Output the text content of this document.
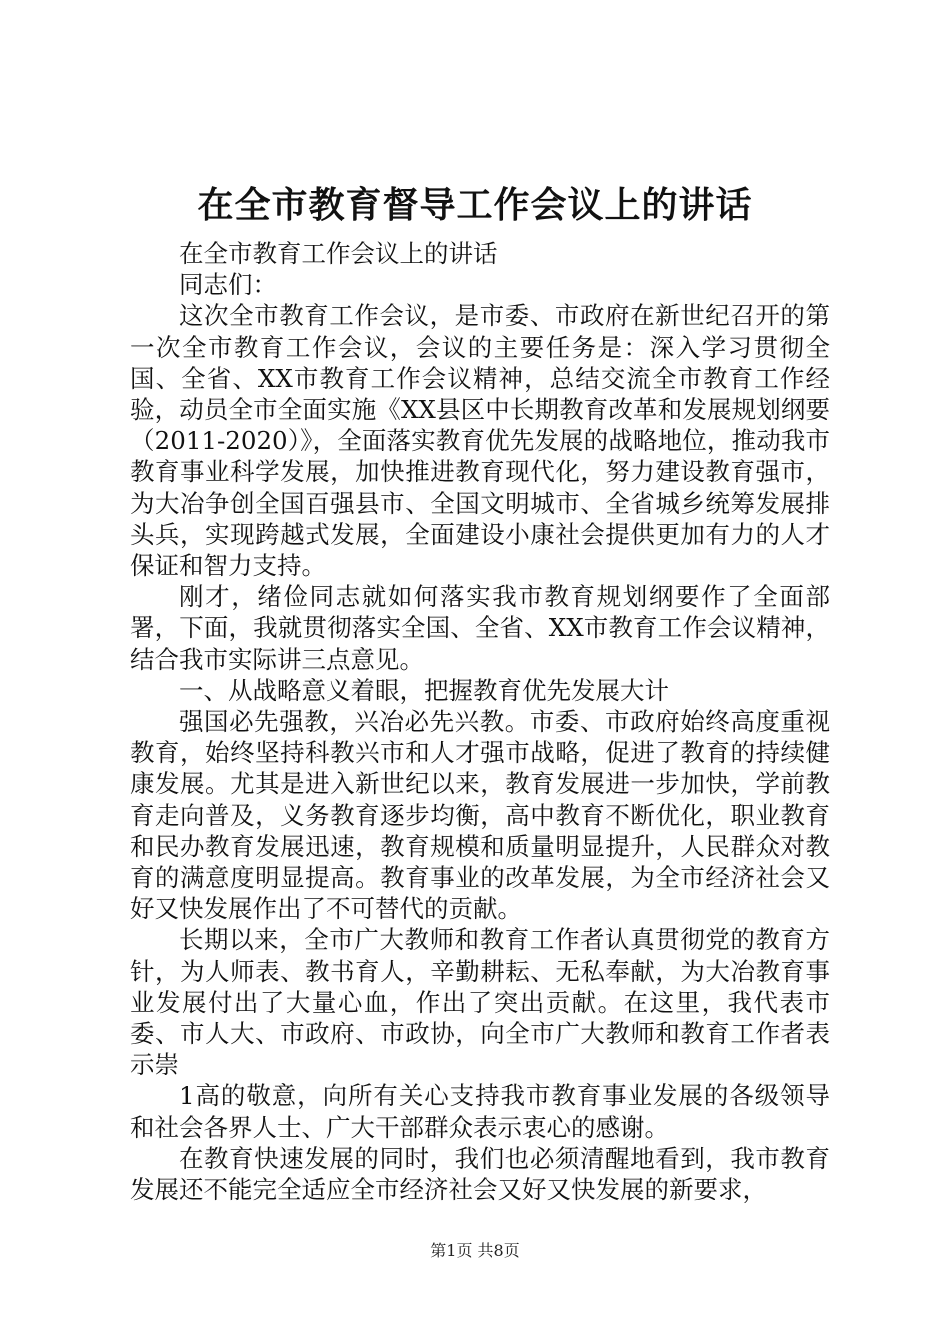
在全市教育督导工作会议上的讲话

在全市教育工作会议上的讲话

同志们：

这次全市教育工作会议，是市委、市政府在新世纪召开的第一次全市教育工作会议，会议的主要任务是：深入学习贯彻全国、全省、XX市教育工作会议精神，总结交流全市教育工作经验，动员全市全面实施《XX县区中长期教育改革和发展规划纲要（2011-2020）》，全面落实教育优先发展的战略地位，推动我市教育事业科学发展，加快推进教育现代化，努力建设教育强市，为大冶争创全国百强县市、全国文明城市、全省城乡统筹发展排头兵，实现跨越式发展，全面建设小康社会提供更加有力的人才保证和智力支持。

刚才，绪俭同志就如何落实我市教育规划纲要作了全面部署，下面，我就贯彻落实全国、全省、XX市教育工作会议精神，结合我市实际讲三点意见。

一、从战略意义着眼，把握教育优先发展大计

强国必先强教，兴冶必先兴教。市委、市政府始终高度重视教育，始终坚持科教兴市和人才强市战略，促进了教育的持续健康发展。尤其是进入新世纪以来，教育发展进一步加快，学前教育走向普及，义务教育逐步均衡，高中教育不断优化，职业教育和民办教育发展迅速，教育规模和质量明显提升，人民群众对教育的满意度明显提高。教育事业的改革发展，为全市经济社会又好又快发展作出了不可替代的贡献。

长期以来，全市广大教师和教育工作者认真贯彻党的教育方针，为人师表、教书育人，辛勤耕耘、无私奉献，为大冶教育事业发展付出了大量心血，作出了突出贡献。在这里，我代表市委、市人大、市政府、市政协，向全市广大教师和教育工作者表示崇

1高的敬意，向所有关心支持我市教育事业发展的各级领导和社会各界人士、广大干部群众表示衷心的感谢。

在教育快速发展的同时，我们也必须清醒地看到，我市教育发展还不能完全适应全市经济社会又好又快发展的新要求，

第1页 共8页
